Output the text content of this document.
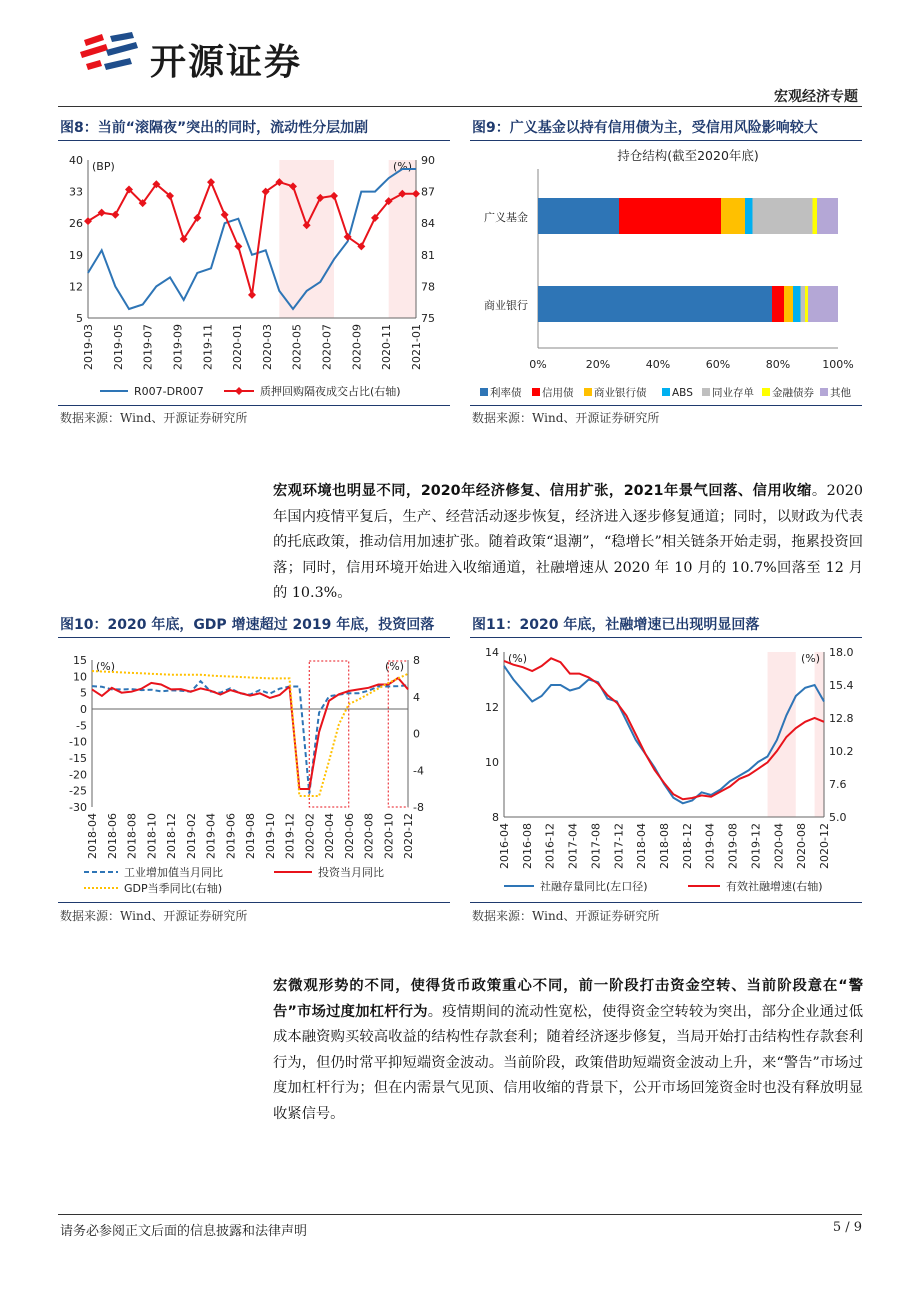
开源证券
宏观经济专题
图8：当前“滚隔夜”突出的同时，流动性分层加剧
40
33
26
19
12
5
90
87
84
81
78
75
(BP)	(%)
2019-03 2019-05 2019-07 2019-09 2019-11 2020-01 2020-03 2020-05 2020-07 2020-09 2020-11 2021-01
R007-DR007	质押回购隔夜成交占比(右轴)
数据来源：Wind、开源证券研究所
图9：广义基金以持有信用债为主，受信用风险影响较大
持仓结构(截至2020年底)
0%	20%	40%	60%	80%	100%
广义基金
商业银行
利率债 信用债 商业银行债 ABS 同业存单 金融债券 其他
数据来源：Wind、开源证券研究所
宏观环境也明显不同，2020年经济修复、信用扩张，2021年景气回落、信用收缩。2020 年国内疫情平复后，生产、经营活动逐步恢复，经济进入逐步修复通道；同时，以财政为代表的托底政策，推动信用加速扩张。随着政策“退潮”，“稳增长”相关链条开始走弱，拖累投资回落；同时，信用环境开始进入收缩通道，社融增速从 2020 年 10 月的 10.7%回落至 12 月的 10.3%。
图10：2020 年底，GDP 增速超过 2019 年底，投资回落
15
10
5
0
-5
-10
-15
-20
-25
-30
8
4
0
-4
-8
(%)	(%)
2018-04 2018-06 2018-08 2018-10 2018-12 2019-02 2019-04 2019-06 2019-08 2019-10 2019-12 2020-02 2020-04 2020-06 2020-08 2020-10 2020-12
工业增加值当月同比	投资当月同比
GDP当季同比(右轴)
数据来源：Wind、开源证券研究所
图11：2020 年底，社融增速已出现明显回落
14
12
10
8
18.0
15.4
12.8
10.2
7.6
5.0
(%)	(%)
2016-04 2016-08 2016-12 2017-04 2017-08 2017-12 2018-04 2018-08 2018-12 2019-04 2019-08 2019-12 2020-04 2020-08 2020-12
社融存量同比(左口径)	有效社融增速(右轴)
数据来源：Wind、开源证券研究所
宏微观形势的不同，使得货币政策重心不同，前一阶段打击资金空转、当前阶段意在“警告”市场过度加杠杆行为。疫情期间的流动性宽松，使得资金空转较为突出，部分企业通过低成本融资购买较高收益的结构性存款套利；随着经济逐步修复，当局开始打击结构性存款套利行为，但仍时常平抑短端资金波动。当前阶段，政策借助短端资金波动上升，来“警告”市场过度加杠杆行为；但在内需景气见顶、信用收缩的背景下，公开市场回笼资金时也没有释放明显收紧信号。
请务必参阅正文后面的信息披露和法律声明	5 / 9
